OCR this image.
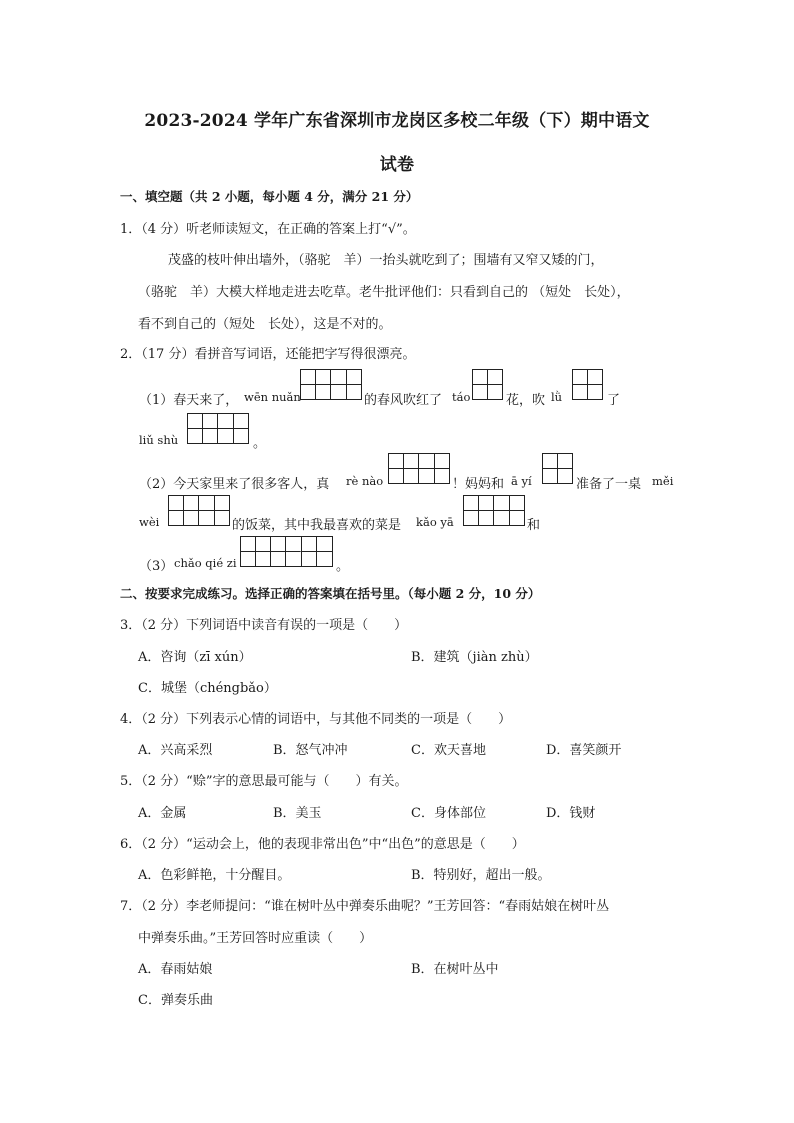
2023-2024 学年广东省深圳市龙岗区多校二年级（下）期中语文
试卷
一、填空题（共 2 小题，每小题 4 分，满分 21 分）
1．（4 分）听老师读短文，在正确的答案上打“√”。
茂盛的枝叶伸出墙外，（骆驼　羊）一抬头就吃到了；围墙有又窄又矮的门，
（骆驼　羊）大模大样地走进去吃草。老牛批评他们：只看到自己的 （短处　长处），
看不到自己的（短处　长处），这是不对的。
2．（17 分）看拼音写词语，还能把字写得很漂亮。
（1）春天来了， wēn nuǎn	的春风吹红了 táo	花，吹 lǜ	了
liǔ shù	。
（2）今天家里来了很多客人，真 rè nào	！妈妈和 ā yí	准备了一桌 měi
wèi	的饭菜，其中我最喜欢的菜是 kǎo yā	和
（3） chǎo qié zi	。
二、按要求完成练习。选择正确的答案填在括号里。（每小题 2 分，10 分）
3．（2 分）下列词语中读音有误的一项是（　　）
A．咨询（zī xún）	B．建筑（jiàn zhù）
C．城堡（chéngbǎo）
4．（2 分）下列表示心情的词语中，与其他不同类的一项是（　　）
A．兴高采烈	B．怒气冲冲	C．欢天喜地	D．喜笑颜开
5．（2 分）“赊”字的意思最可能与（　　）有关。
A．金属	B．美玉	C．身体部位	D．钱财
6．（2 分）“运动会上，他的表现非常出色”中“出色”的意思是（　　）
A．色彩鲜艳，十分醒目。	B．特别好，超出一般。
7．（2 分）李老师提问：“谁在树叶丛中弹奏乐曲呢？”王芳回答：“春雨姑娘在树叶丛
中弹奏乐曲。”王芳回答时应重读（　　）
A．春雨姑娘	B．在树叶丛中
C．弹奏乐曲
